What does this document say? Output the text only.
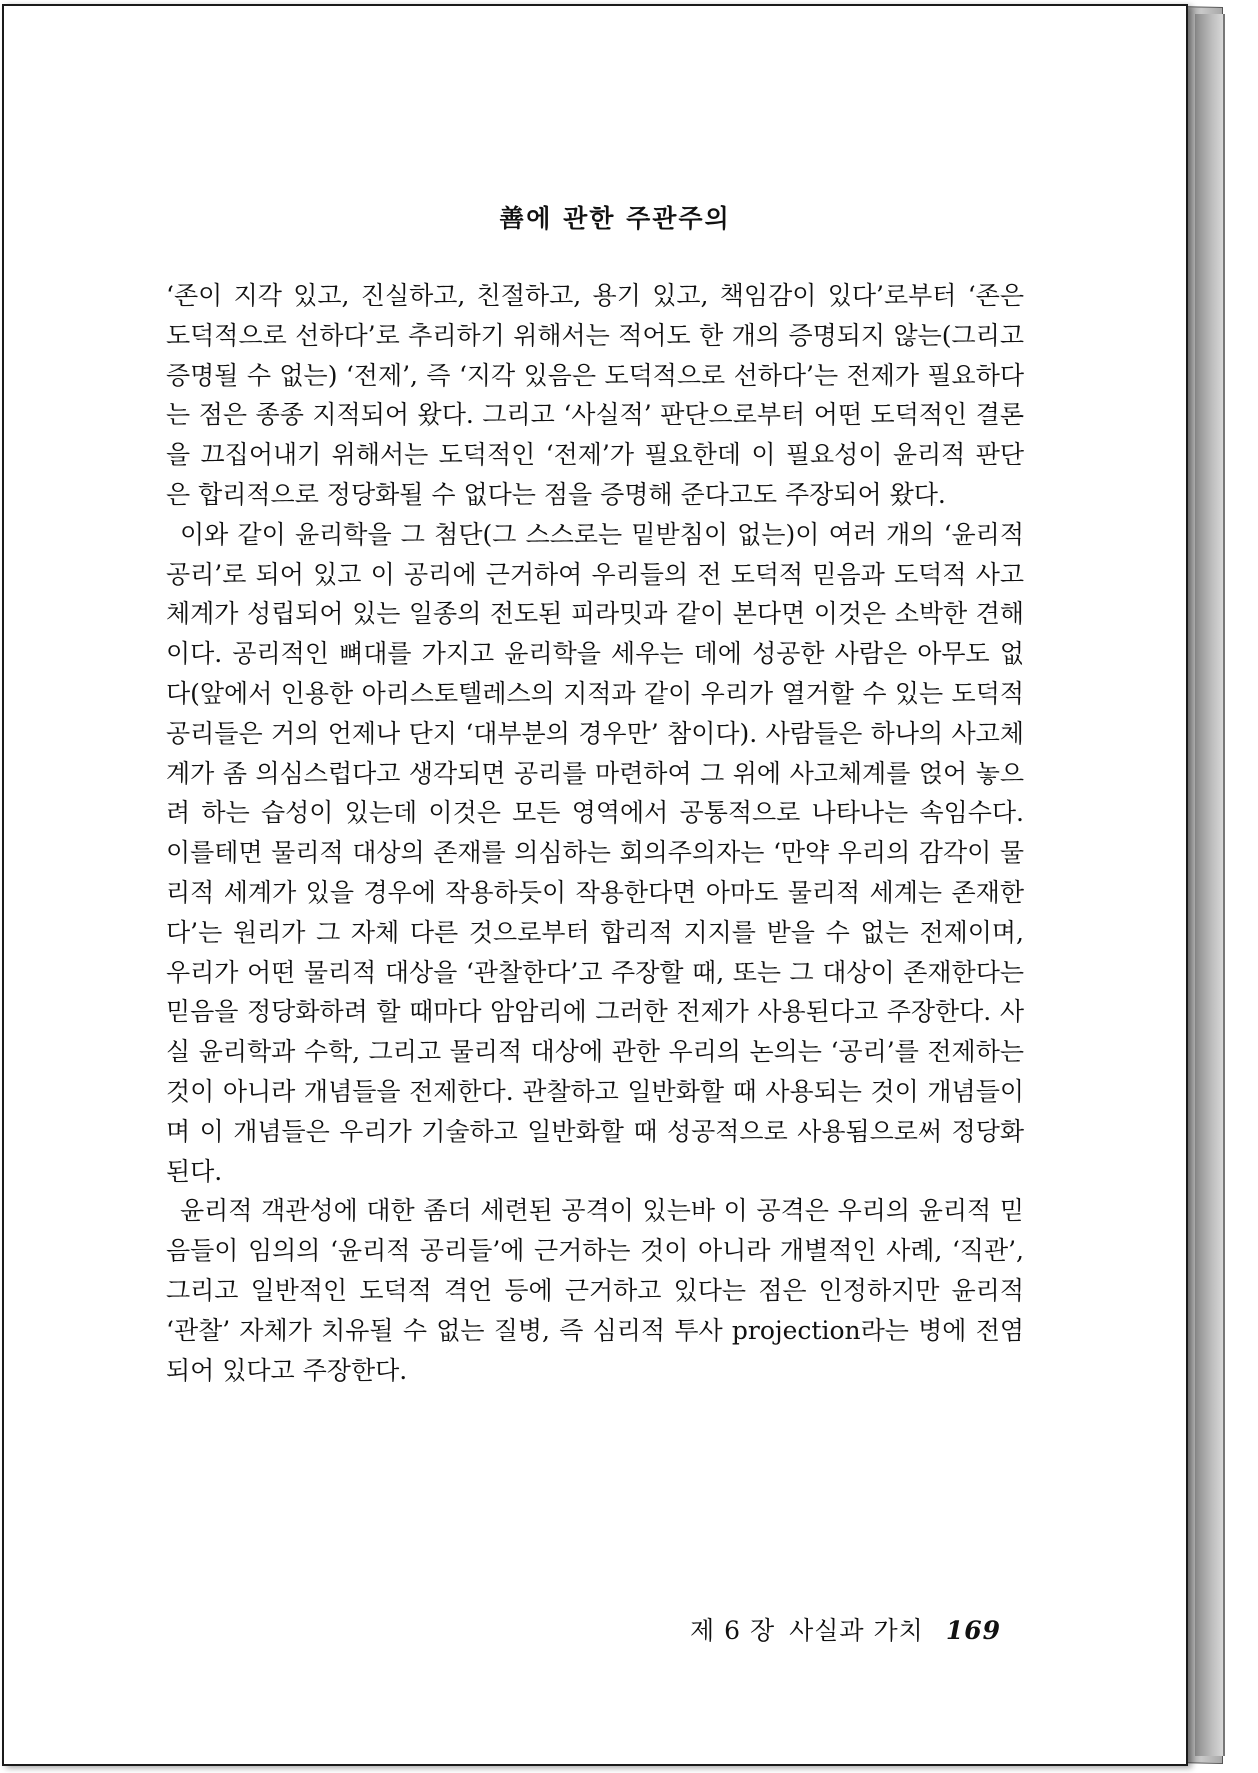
善에 관한 주관주의

‘존이 지각 있고, 진실하고, 친절하고, 용기 있고, 책임감이 있다’로부터 ‘존은 도덕적으로 선하다’로 추리하기 위해서는 적어도 한 개의 증명되지 않는(그리고 증명될 수 없는) ‘전제’, 즉 ‘지각 있음은 도덕적으로 선하다’는 전제가 필요하다는 점은 종종 지적되어 왔다. 그리고 ‘사실적’ 판단으로부터 어떤 도덕적인 결론을 끄집어내기 위해서는 도덕적인 ‘전제’가 필요한데 이 필요성이 윤리적 판단은 합리적으로 정당화될 수 없다는 점을 증명해 준다고도 주장되어 왔다.

이와 같이 윤리학을 그 첨단(그 스스로는 밑받침이 없는)이 여러 개의 ‘윤리적 공리’로 되어 있고 이 공리에 근거하여 우리들의 전 도덕적 믿음과 도덕적 사고체계가 성립되어 있는 일종의 전도된 피라밋과 같이 본다면 이것은 소박한 견해이다. 공리적인 뼈대를 가지고 윤리학을 세우는 데에 성공한 사람은 아무도 없다(앞에서 인용한 아리스토텔레스의 지적과 같이 우리가 열거할 수 있는 도덕적 공리들은 거의 언제나 단지 ‘대부분의 경우만’ 참이다). 사람들은 하나의 사고체계가 좀 의심스럽다고 생각되면 공리를 마련하여 그 위에 사고체계를 얹어 놓으려 하는 습성이 있는데 이것은 모든 영역에서 공통적으로 나타나는 속임수다. 이를테면 물리적 대상의 존재를 의심하는 회의주의자는 ‘만약 우리의 감각이 물리적 세계가 있을 경우에 작용하듯이 작용한다면 아마도 물리적 세계는 존재한다’는 원리가 그 자체 다른 것으로부터 합리적 지지를 받을 수 없는 전제이며, 우리가 어떤 물리적 대상을 ‘관찰한다’고 주장할 때, 또는 그 대상이 존재한다는 믿음을 정당화하려 할 때마다 암암리에 그러한 전제가 사용된다고 주장한다. 사실 윤리학과 수학, 그리고 물리적 대상에 관한 우리의 논의는 ‘공리’를 전제하는 것이 아니라 개념들을 전제한다. 관찰하고 일반화할 때 사용되는 것이 개념들이며 이 개념들은 우리가 기술하고 일반화할 때 성공적으로 사용됨으로써 정당화된다.

윤리적 객관성에 대한 좀더 세련된 공격이 있는바 이 공격은 우리의 윤리적 믿음들이 임의의 ‘윤리적 공리들’에 근거하는 것이 아니라 개별적인 사례, ‘직관’, 그리고 일반적인 도덕적 격언 등에 근거하고 있다는 점은 인정하지만 윤리적 ‘관찰’ 자체가 치유될 수 없는 질병, 즉 심리적 투사 projection라는 병에 전염되어 있다고 주장한다.

제 6 장 사실과 가치 169
